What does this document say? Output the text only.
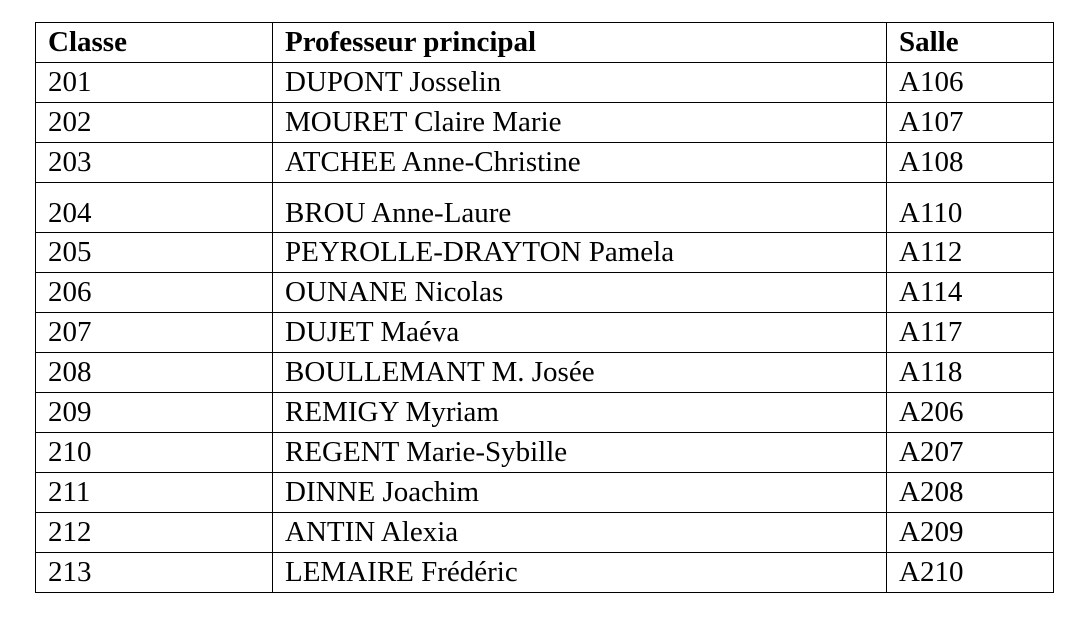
Classe	Professeur principal	Salle
201	DUPONT Josselin	A106
202	MOURET Claire Marie	A107
203	ATCHEE Anne-Christine	A108
204	BROU Anne-Laure	A110
205	PEYROLLE-DRAYTON Pamela	A112
206	OUNANE Nicolas	A114
207	DUJET Maéva	A117
208	BOULLEMANT M. Josée	A118
209	REMIGY Myriam	A206
210	REGENT Marie-Sybille	A207
211	DINNE Joachim	A208
212	ANTIN Alexia	A209
213	LEMAIRE Frédéric	A210
